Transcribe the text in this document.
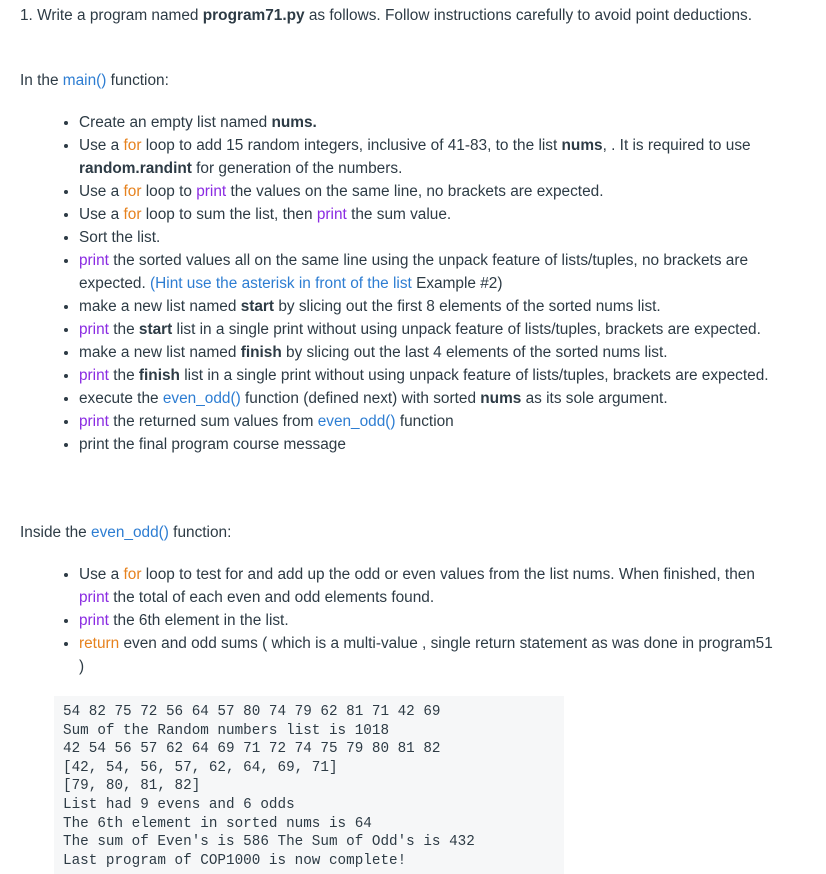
1. Write a program named program71.py as follows. Follow instructions carefully to avoid point deductions.

In the main() function:

• Create an empty list named nums.
• Use a for loop to add 15 random integers, inclusive of 41-83, to the list nums, . It is required to use random.randint for generation of the numbers.
• Use a for loop to print the values on the same line, no brackets are expected.
• Use a for loop to sum the list, then print the sum value.
• Sort the list.
• print the sorted values all on the same line using the unpack feature of lists/tuples, no brackets are expected. (Hint use the asterisk in front of the list Example #2)
• make a new list named start by slicing out the first 8 elements of the sorted nums list.
• print the start list in a single print without using unpack feature of lists/tuples, brackets are expected.
• make a new list named finish by slicing out the last 4 elements of the sorted nums list.
• print the finish list in a single print without using unpack feature of lists/tuples, brackets are expected.
• execute the even_odd() function (defined next) with sorted nums as its sole argument.
• print the returned sum values from even_odd() function
• print the final program course message

Inside the even_odd() function:

• Use a for loop to test for and add up the odd or even values from the list nums. When finished, then print the total of each even and odd elements found.
• print the 6th element in the list.
• return even and odd sums ( which is a multi-value , single return statement as was done in program51 )
54 82 75 72 56 64 57 80 74 79 62 81 71 42 69
Sum of the Random numbers list is 1018
42 54 56 57 62 64 69 71 72 74 75 79 80 81 82
[42, 54, 56, 57, 62, 64, 69, 71]
[79, 80, 81, 82]
List had 9 evens and 6 odds
The 6th element in sorted nums is 64
The sum of Even's is 586 The Sum of Odd's is 432
Last program of COP1000 is now complete!
